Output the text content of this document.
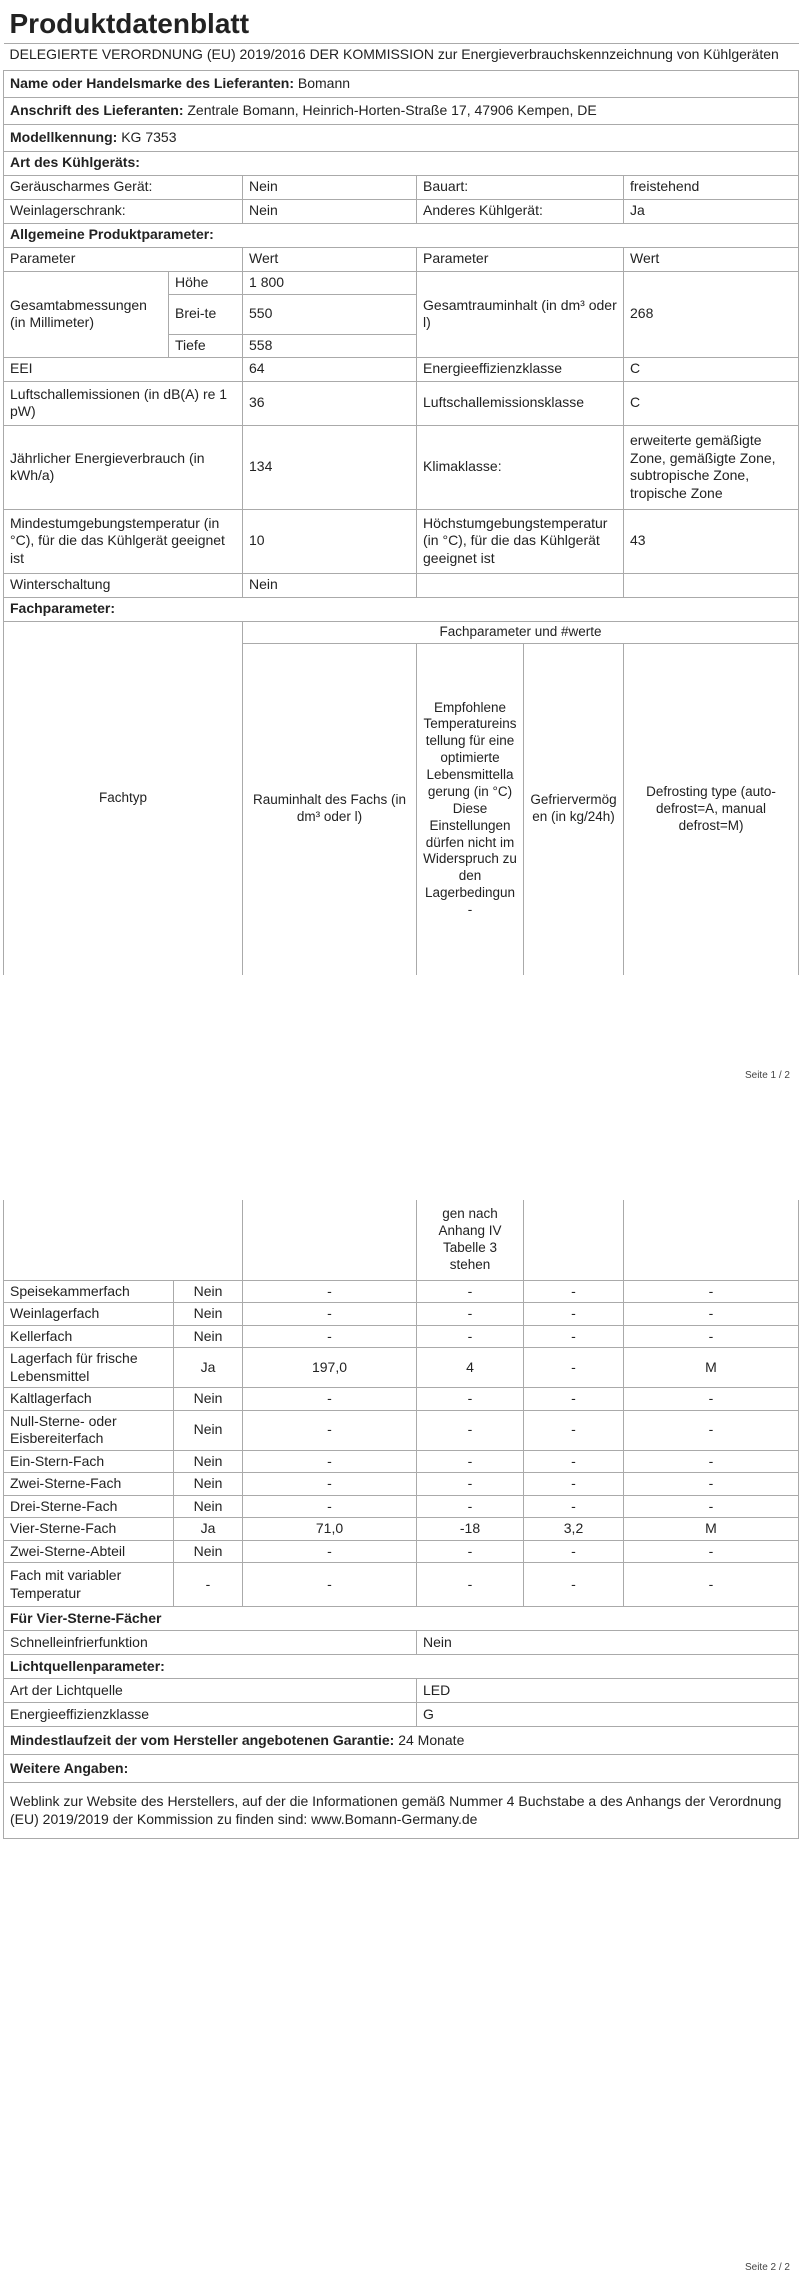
Produktdatenblatt
DELEGIERTE VERORDNUNG (EU) 2019/2016 DER KOMMISSION zur Energieverbrauchskennzeichnung von Kühlgeräten
Name oder Handelsmarke des Lieferanten: Bomann
Anschrift des Lieferanten: Zentrale Bomann, Heinrich-Horten-Straße 17, 47906 Kempen, DE
Modellkennung: KG 7353
Art des Kühlgeräts:
Geräuscharmes Gerät:	Nein	Bauart:	freistehend
Weinlagerschrank:	Nein	Anderes Kühlgerät:	Ja
Allgemeine Produktparameter:			
Parameter		Wert	Parameter	Wert
Gesamtabmessungen (in Millimeter)	Höhe	1 800	Gesamtrauminhalt (in dm³ oder l)	268
	Brei-te	550		
	Tiefe	558		
EEI		64	Energieeffizienzklasse	C
Luftschallemissionen (in dB(A) re 1 pW)		36	Luftschallemissionsklasse	C
Jährlicher Energieverbrauch (in kWh/a)		134	Klimaklasse:	erweiterte gemäßigte Zone, gemäßigte Zone, subtropische Zone, tropische Zone
Mindestumgebungstemperatur (in °C), für die das Kühlgerät geeignet ist		10	Höchstumgebungstemperatur (in °C), für die das Kühlgerät geeignet ist	43
Winterschaltung		Nein		
Fachparameter:				
Fachtyp	Fachparameter und #werte			
	Rauminhalt des Fachs (in dm³ oder l)	Empfohlene Temperatureinstellung für eine optimierte Lebensmittellagerung (in °C) Diese Einstellungen dürfen nicht im Widerspruch zu den Lagerbedingun-	Gefriervermögen (in kg/24h)	Defrosting type (auto-defrost=A, manual defrost=M)
Seite 1 / 2
		gen nach Anhang IV Tabelle 3 stehen		
Speisekammerfach	Nein	-	-	-	-
Weinlagerfach	Nein	-	-	-	-
Kellerfach	Nein	-	-	-	-
Lagerfach für frische Lebensmittel	Ja	197,0	4	-	M
Kaltlagerfach	Nein	-	-	-	-
Null-Sterne- oder Eisbereiterfach	Nein	-	-	-	-
Ein-Stern-Fach	Nein	-	-	-	-
Zwei-Sterne-Fach	Nein	-	-	-	-
Drei-Sterne-Fach	Nein	-	-	-	-
Vier-Sterne-Fach	Ja	71,0	-18	3,2	M
Zwei-Sterne-Abteil	Nein	-	-	-	-
Fach mit variabler Temperatur	-	-	-	-	-
Für Vier-Sterne-Fächer	
Schnelleinfrierfunktion	Nein
Lichtquellenparameter:	
Art der Lichtquelle	LED
Energieeffizienzklasse	G
Mindestlaufzeit der vom Hersteller angebotenen Garantie: 24 Monate	
Weitere Angaben:	
Weblink zur Website des Herstellers, auf der die Informationen gemäß Nummer 4 Buchstabe a des Anhangs der Verordnung (EU) 2019/2019 der Kommission zu finden sind: www.Bomann-Germany.de	
Seite 2 / 2
